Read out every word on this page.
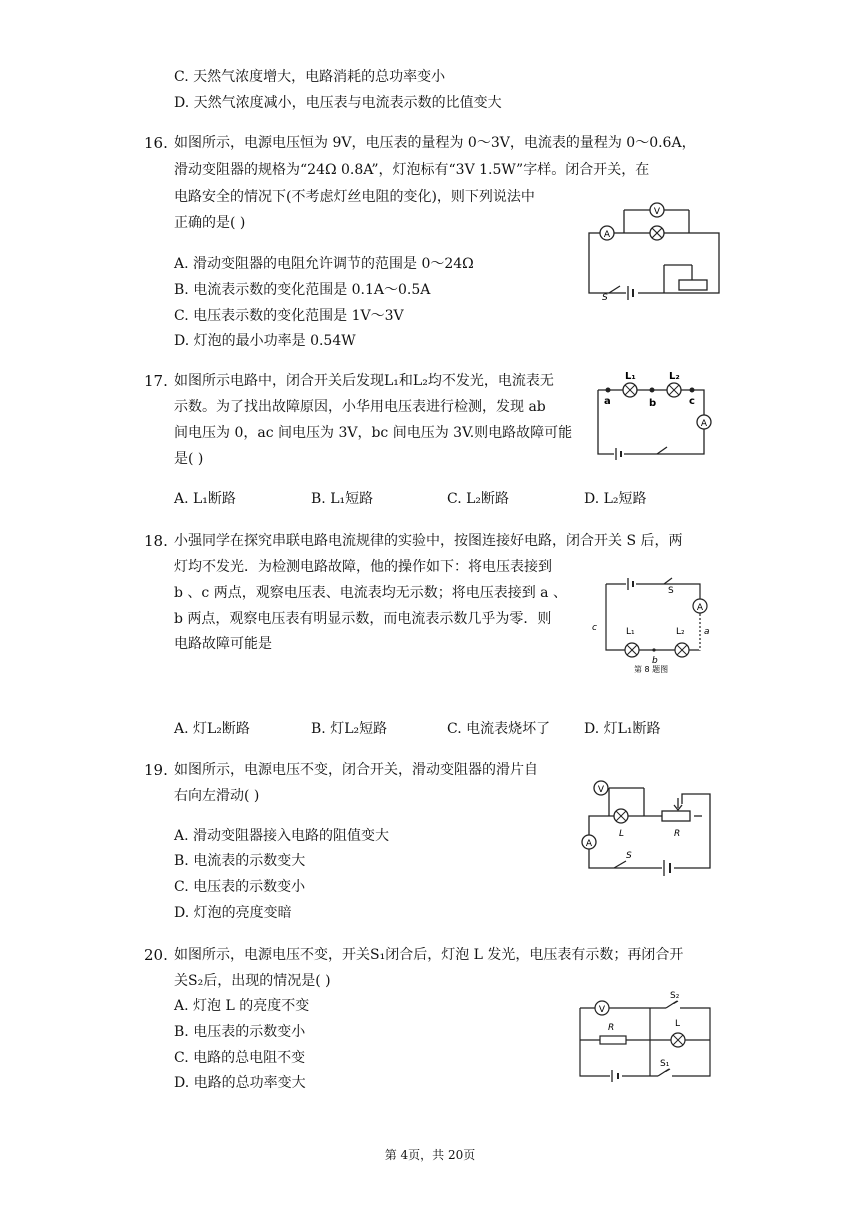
C. 天然气浓度增大，电路消耗的总功率变小
D. 天然气浓度减小，电压表与电流表示数的比值变大
16. 如图所示，电源电压恒为 9V，电压表的量程为 0～3V，电流表的量程为 0～0.6A，
滑动变阻器的规格为“24Ω 0.8A”，灯泡标有“3V 1.5W”字样。闭合开关，在
电路安全的情况下(不考虑灯丝电阻的变化)，则下列说法中
正确的是( )
A. 滑动变阻器的电阻允许调节的范围是 0～24Ω
B. 电流表示数的变化范围是 0.1A～0.5A
C. 电压表示数的变化范围是 1V～3V
D. 灯泡的最小功率是 0.54W
A
V
S
17. 如图所示电路中，闭合开关后发现L₁和L₂均不发光，电流表无
示数。为了找出故障原因，小华用电压表进行检测，发现 ab
间电压为 0，ac 间电压为 3V，bc 间电压为 3V.则电路故障可能
是( )
A. L₁断路	B. L₁短路	C. L₂断路	D. L₂短路
L₁	L₂
a	b	c
A
18. 小强同学在探究串联电路电流规律的实验中，按图连接好电路，闭合开关 S 后，两
灯均不发光．为检测电路故障，他的操作如下：将电压表接到
b 、c 两点，观察电压表、电流表均无示数；将电压表接到 a 、
b 两点，观察电压表有明显示数，而电流表示数几乎为零．则
电路故障可能是
A. 灯L₂断路	B. 灯L₂短路	C. 电流表烧坏了 D. 灯L₁断路
S
A
L₁	L₂
b
a
c
第 8 题图
19. 如图所示，电源电压不变，闭合开关，滑动变阻器的滑片自
右向左滑动( )
A. 滑动变阻器接入电路的阻值变大
B. 电流表的示数变大
C. 电压表的示数变小
D. 灯泡的亮度变暗
V
L	R
A
S
20. 如图所示，电源电压不变，开关S₁闭合后，灯泡 L 发光，电压表有示数；再闭合开
关S₂后，出现的情况是( )
A. 灯泡 L 的亮度不变
B. 电压表的示数变小
C. 电路的总电阻不变
D. 电路的总功率变大
V
R	L
S₂
S₁
第 4页，共 20页
